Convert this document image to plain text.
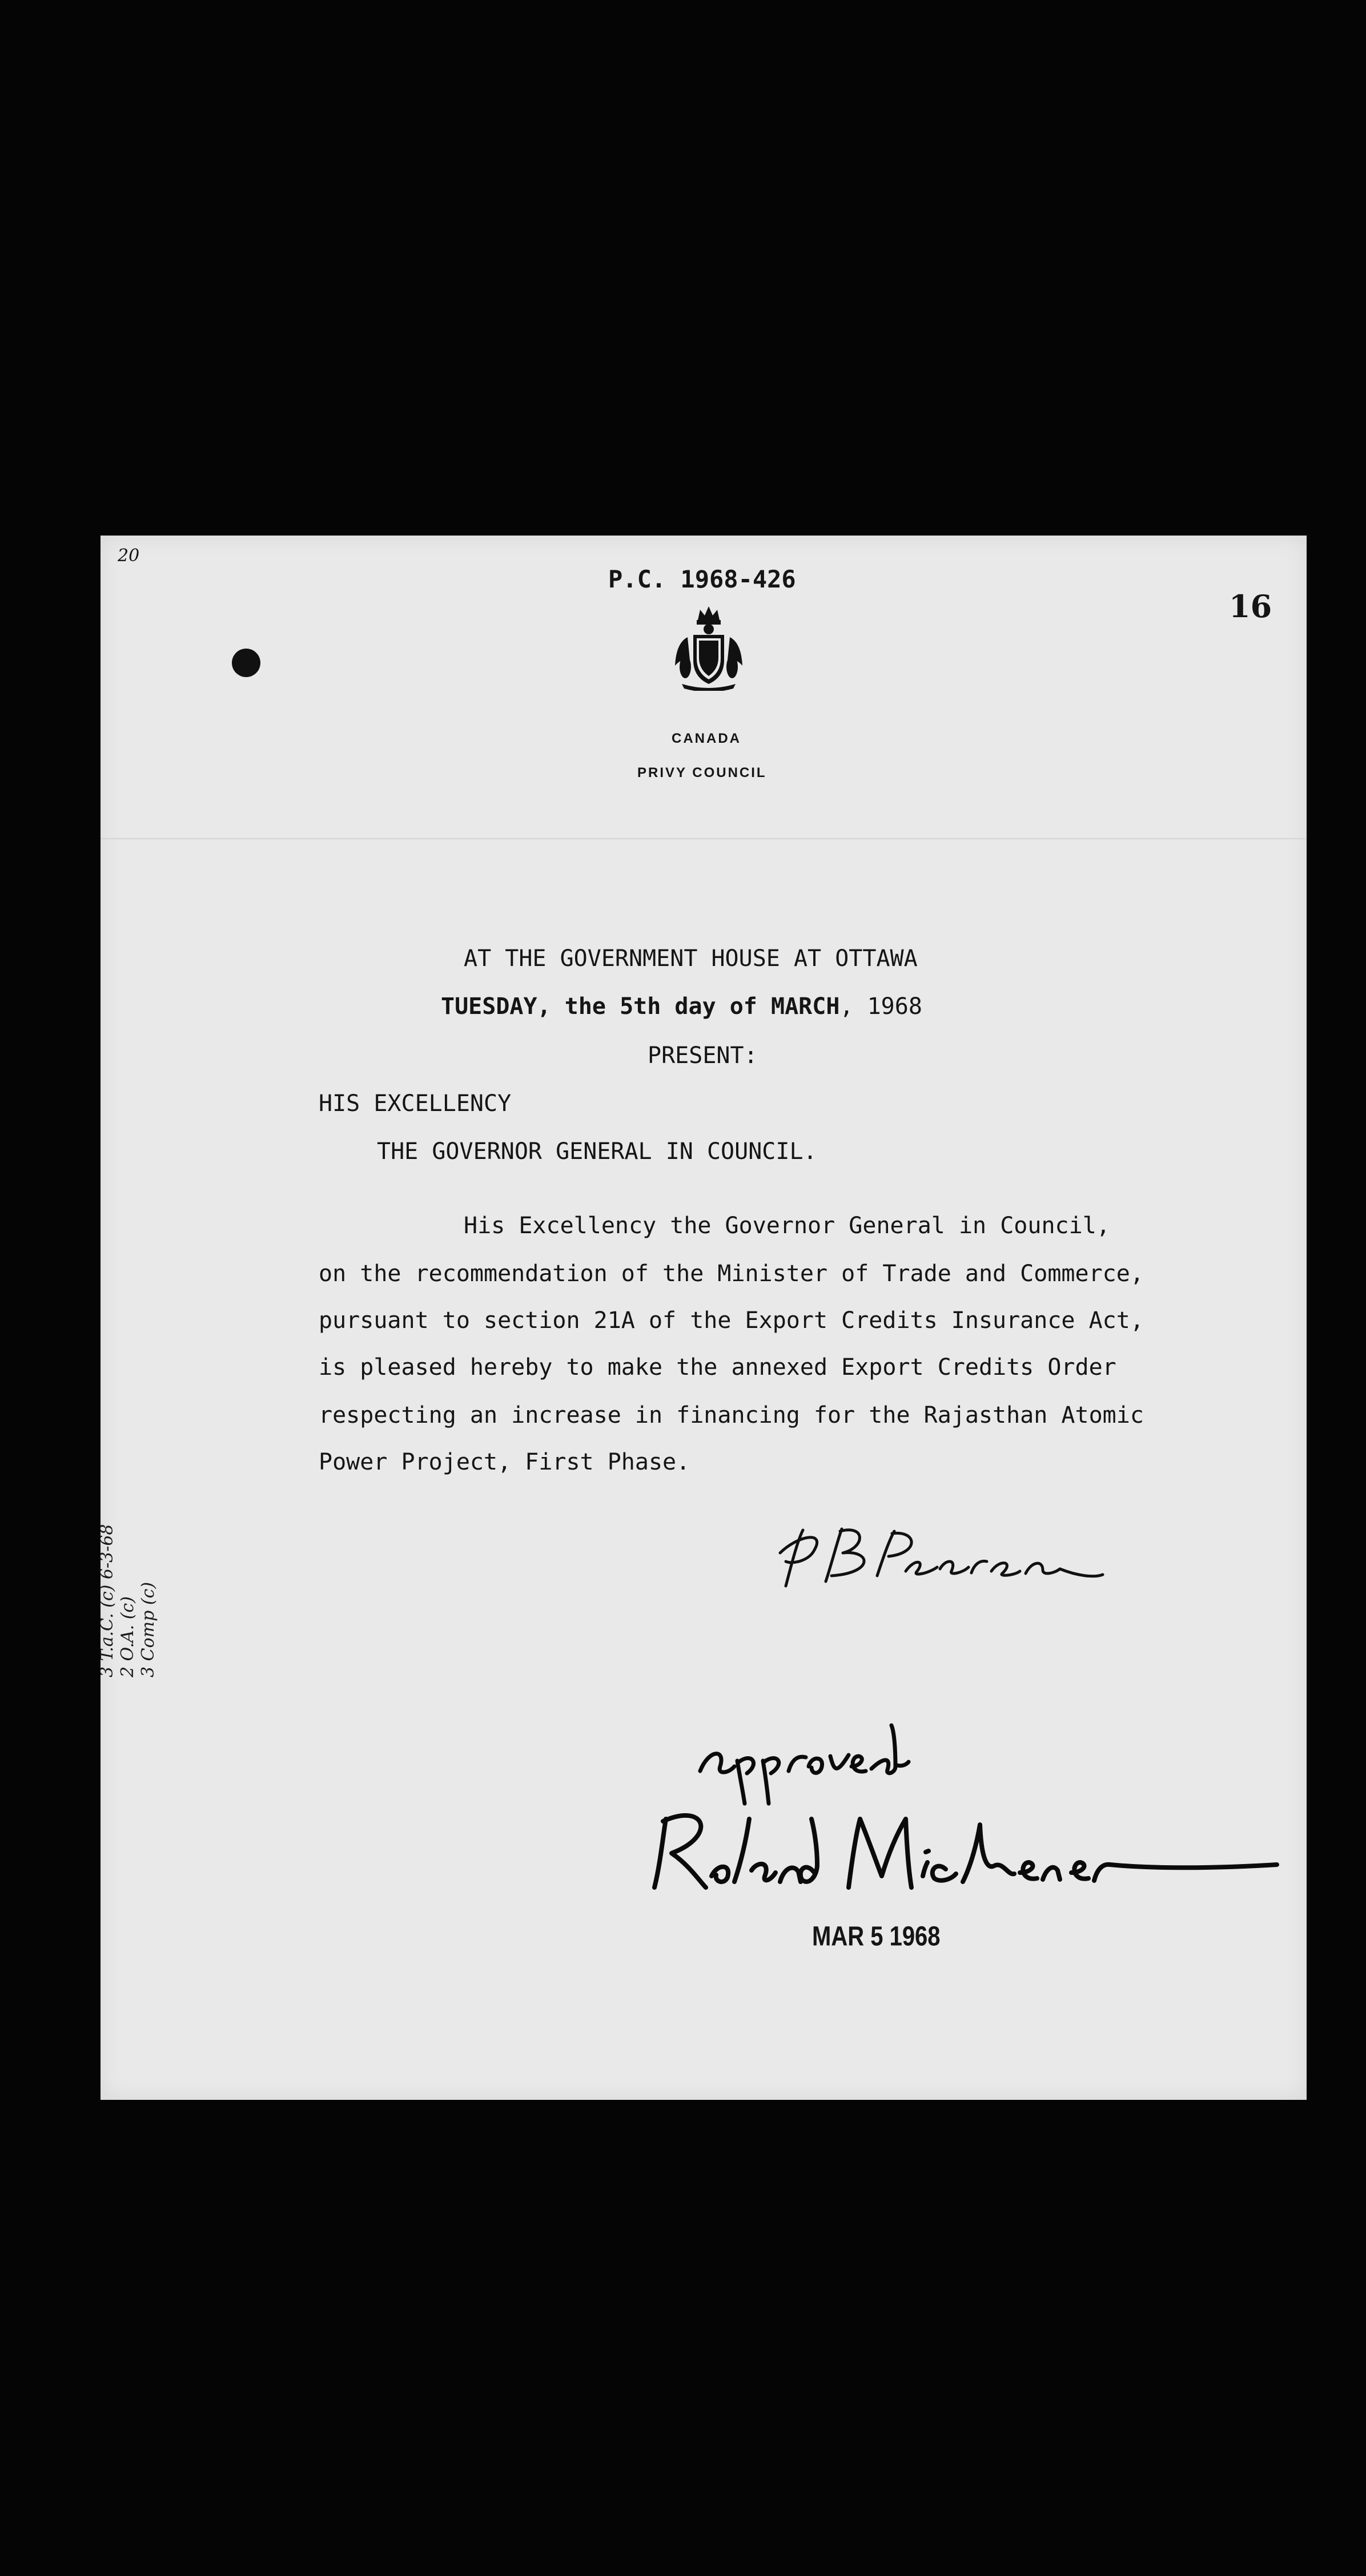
20
P.C. 1968-426
16
CANADA
PRIVY COUNCIL
AT THE GOVERNMENT HOUSE AT OTTAWA
TUESDAY, the 5th day of MARCH, 1968
PRESENT:
HIS EXCELLENCY
THE GOVERNOR GENERAL IN COUNCIL.
His Excellency the Governor General in Council,
on the recommendation of the Minister of Trade and Commerce,
pursuant to section 21A of the Export Credits Insurance Act,
is pleased hereby to make the annexed Export Credits Order
respecting an increase in financing for the Rajasthan Atomic
Power Project, First Phase.
3 T.a.C. (c) 6-3-68 2 O.A. (c) 3 Comp (c)
MAR 5 1968
